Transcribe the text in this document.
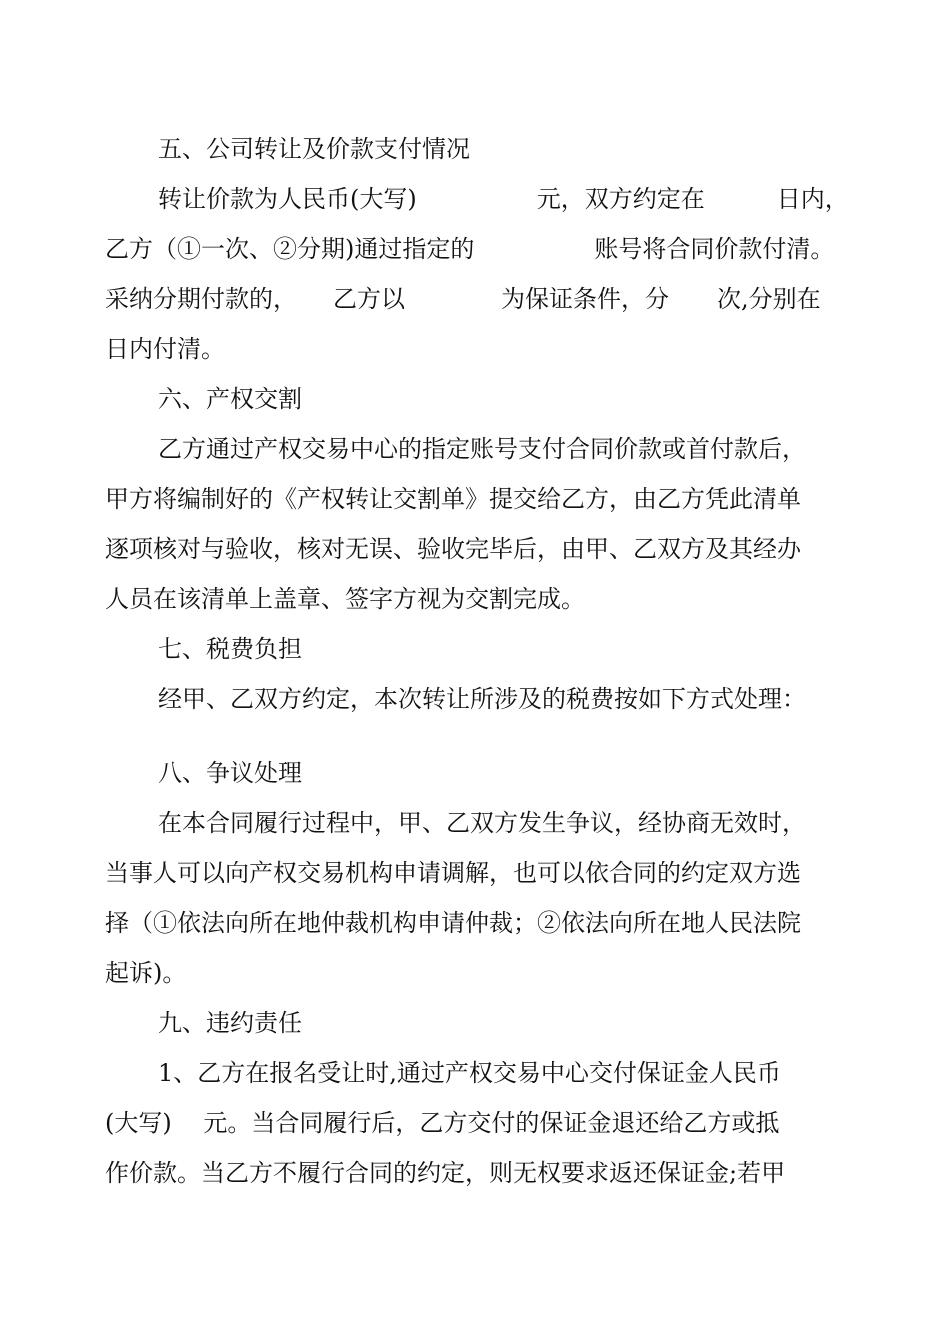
五、公司转让及价款支付情况
转让价款为人民币(大写)　　　　　元，双方约定在　　　日内，
乙方（①一次、②分期)通过指定的　　　　　账号将合同价款付清。
采纳分期付款的，　　乙方以　　　　为保证条件，分　　次,分别在
日内付清。
六、产权交割
乙方通过产权交易中心的指定账号支付合同价款或首付款后，
甲方将编制好的《产权转让交割单》提交给乙方，由乙方凭此清单
逐项核对与验收，核对无误、验收完毕后，由甲、乙双方及其经办
人员在该清单上盖章、签字方视为交割完成。
七、税费负担
经甲、乙双方约定，本次转让所涉及的税费按如下方式处理：
八、争议处理
在本合同履行过程中，甲、乙双方发生争议，经协商无效时，
当事人可以向产权交易机构申请调解，也可以依合同的约定双方选
择（①依法向所在地仲裁机构申请仲裁；②依法向所在地人民法院
起诉)。
九、违约责任
1、乙方在报名受让时,通过产权交易中心交付保证金人民币
(大写)　 元。当合同履行后，乙方交付的保证金退还给乙方或抵
作价款。当乙方不履行合同的约定，则无权要求返还保证金;若甲
